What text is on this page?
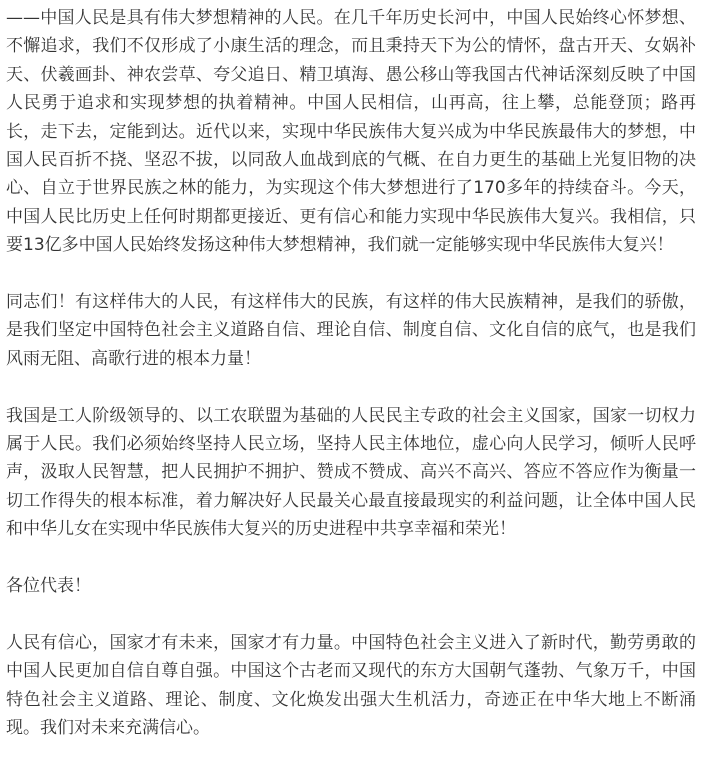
——中国人民是具有伟大梦想精神的人民。在几千年历史长河中，中国人民始终心怀梦想、不懈追求，我们不仅形成了小康生活的理念，而且秉持天下为公的情怀，盘古开天、女娲补天、伏羲画卦、神农尝草、夸父追日、精卫填海、愚公移山等我国古代神话深刻反映了中国人民勇于追求和实现梦想的执着精神。中国人民相信，山再高，往上攀，总能登顶；路再长，走下去，定能到达。近代以来，实现中华民族伟大复兴成为中华民族最伟大的梦想，中国人民百折不挠、坚忍不拔，以同敌人血战到底的气概、在自力更生的基础上光复旧物的决心、自立于世界民族之林的能力，为实现这个伟大梦想进行了170多年的持续奋斗。今天，中国人民比历史上任何时期都更接近、更有信心和能力实现中华民族伟大复兴。我相信，只要13亿多中国人民始终发扬这种伟大梦想精神，我们就一定能够实现中华民族伟大复兴！

同志们！有这样伟大的人民，有这样伟大的民族，有这样的伟大民族精神，是我们的骄傲，是我们坚定中国特色社会主义道路自信、理论自信、制度自信、文化自信的底气，也是我们风雨无阻、高歌行进的根本力量！

我国是工人阶级领导的、以工农联盟为基础的人民民主专政的社会主义国家，国家一切权力属于人民。我们必须始终坚持人民立场，坚持人民主体地位，虚心向人民学习，倾听人民呼声，汲取人民智慧，把人民拥护不拥护、赞成不赞成、高兴不高兴、答应不答应作为衡量一切工作得失的根本标准，着力解决好人民最关心最直接最现实的利益问题，让全体中国人民和中华儿女在实现中华民族伟大复兴的历史进程中共享幸福和荣光！

各位代表！

人民有信心，国家才有未来，国家才有力量。中国特色社会主义进入了新时代，勤劳勇敢的中国人民更加自信自尊自强。中国这个古老而又现代的东方大国朝气蓬勃、气象万千，中国特色社会主义道路、理论、制度、文化焕发出强大生机活力，奇迹正在中华大地上不断涌现。我们对未来充满信心。
